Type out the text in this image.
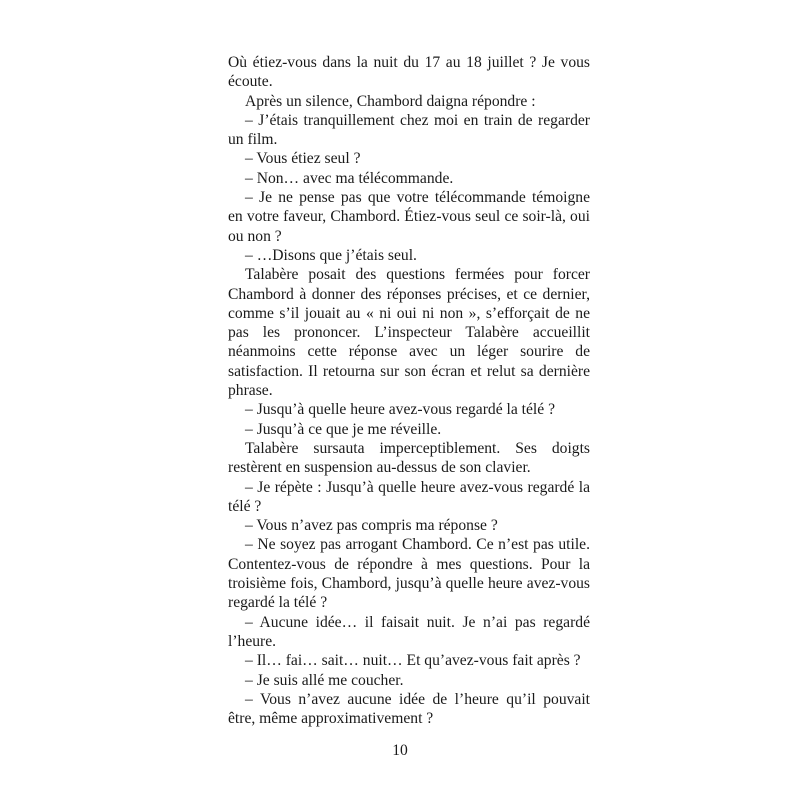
Où étiez-vous dans la nuit du 17 au 18 juillet ? Je vous écoute.

Après un silence, Chambord daigna répondre :

– J’étais tranquillement chez moi en train de regarder un film.

– Vous étiez seul ?

– Non… avec ma télécommande.

– Je ne pense pas que votre télécommande témoigne en votre faveur, Chambord. Étiez-vous seul ce soir-là, oui ou non ?

– …Disons que j’étais seul.

Talabère posait des questions fermées pour forcer Chambord à donner des réponses précises, et ce dernier, comme s’il jouait au « ni oui ni non », s’efforçait de ne pas les prononcer. L’inspecteur Talabère accueillit néanmoins cette réponse avec un léger sourire de satisfaction. Il retourna sur son écran et relut sa dernière phrase.

– Jusqu’à quelle heure avez-vous regardé la télé ?

– Jusqu’à ce que je me réveille.

Talabère sursauta imperceptiblement. Ses doigts restèrent en suspension au-dessus de son clavier.

– Je répète : Jusqu’à quelle heure avez-vous regardé la télé ?

– Vous n’avez pas compris ma réponse ?

– Ne soyez pas arrogant Chambord. Ce n’est pas utile. Contentez-vous de répondre à mes questions. Pour la troisième fois, Chambord, jusqu’à quelle heure avez-vous regardé la télé ?

– Aucune idée… il faisait nuit. Je n’ai pas regardé l’heure.

– Il… fai… sait… nuit… Et qu’avez-vous fait après ?

– Je suis allé me coucher.

– Vous n’avez aucune idée de l’heure qu’il pouvait être, même approximativement ?

10
